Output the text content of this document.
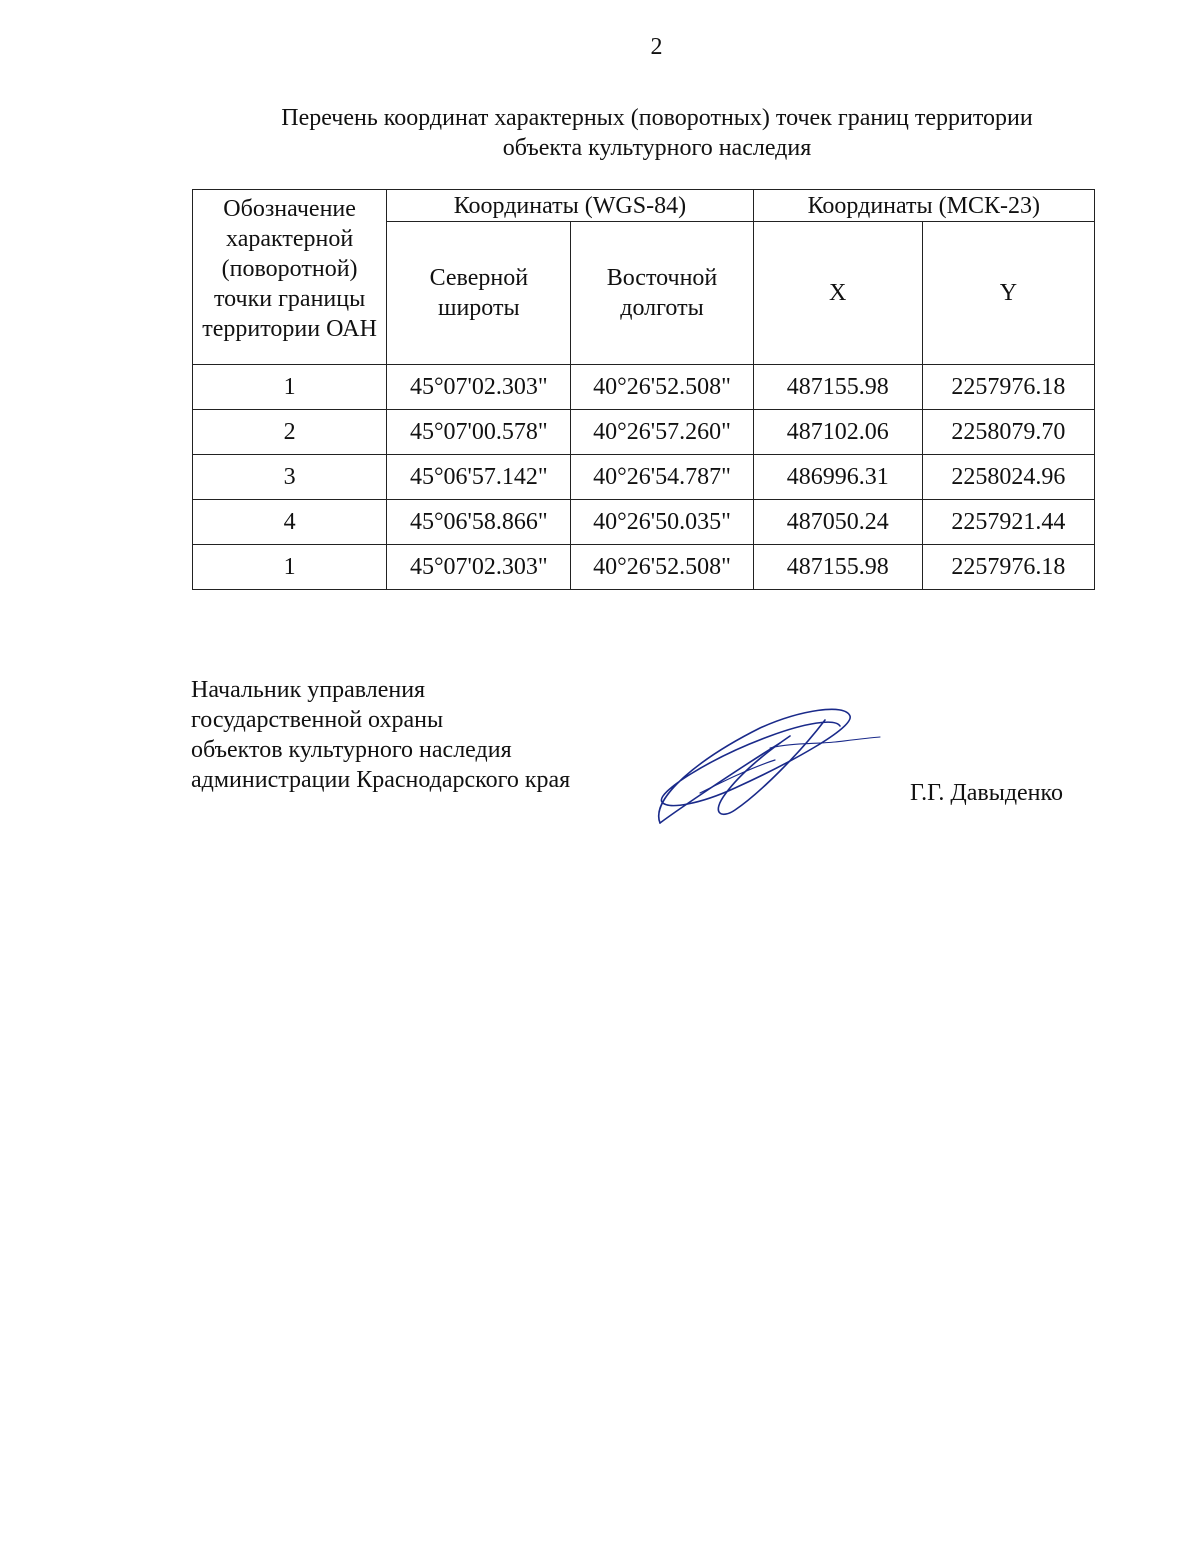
2
Перечень координат характерных (поворотных) точек границ территории
объекта культурного наследия
Обозначение характерной (поворотной) точки границы территории ОАН	Координаты (WGS-84)		Координаты (МСК-23)	
	Северной широты	Восточной долготы	X	Y
1	45°07'02.303"	40°26'52.508"	487155.98	2257976.18
2	45°07'00.578"	40°26'57.260"	487102.06	2258079.70
3	45°06'57.142"	40°26'54.787"	486996.31	2258024.96
4	45°06'58.866"	40°26'50.035"	487050.24	2257921.44
1	45°07'02.303"	40°26'52.508"	487155.98	2257976.18
Начальник управления
государственной охраны
объектов культурного наследия
администрации Краснодарского края	Г.Г. Давыденко
